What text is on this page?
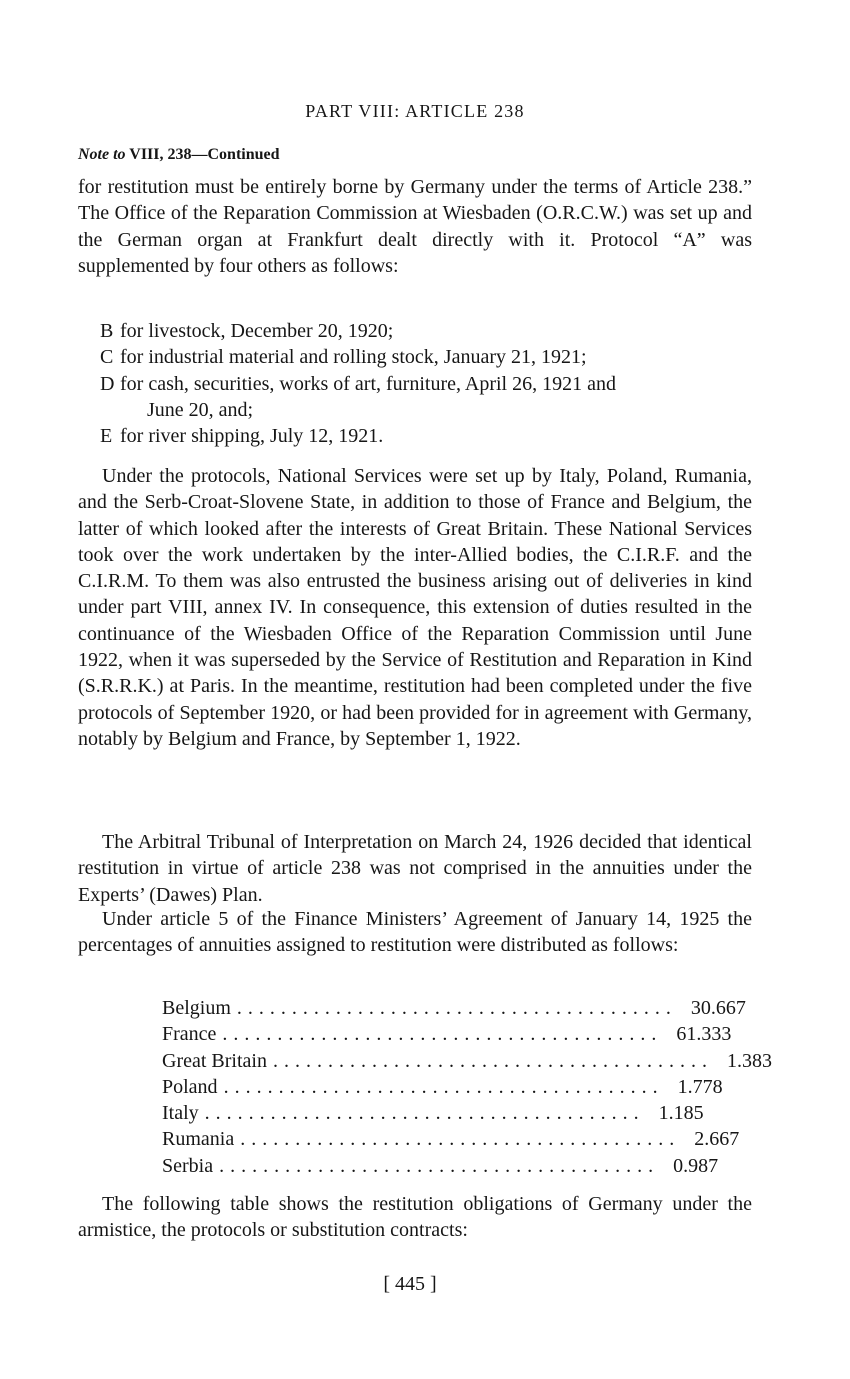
PART VIII: ARTICLE 238
Note to VIII, 238—Continued

for restitution must be entirely borne by Germany under the terms of Article 238.” The Office of the Reparation Commission at Wiesbaden (O.R.C.W.) was set up and the German organ at Frankfurt dealt directly with it. Protocol “A” was supplemented by four others as follows:

B for livestock, December 20, 1920;
C for industrial material and rolling stock, January 21, 1921;
D for cash, securities, works of art, furniture, April 26, 1921 and
June 20, and;
E for river shipping, July 12, 1921.

Under the protocols, National Services were set up by Italy, Poland, Rumania, and the Serb-Croat-Slovene State, in addition to those of France and Belgium, the latter of which looked after the interests of Great Britain. These National Services took over the work undertaken by the inter-Allied bodies, the C.I.R.F. and the C.I.R.M. To them was also entrusted the business arising out of deliveries in kind under part VIII, annex IV. In consequence, this extension of duties resulted in the continuance of the Wiesbaden Office of the Reparation Commission until June 1922, when it was superseded by the Service of Restitution and Reparation in Kind (S.R.R.K.) at Paris. In the meantime, restitution had been completed under the five protocols of September 1920, or had been provided for in agreement with Germany, notably by Belgium and France, by September 1, 1922.

The Arbitral Tribunal of Interpretation on March 24, 1926 decided that identical restitution in virtue of article 238 was not comprised in the annuities under the Experts’ (Dawes) Plan.

Under article 5 of the Finance Ministers’ Agreement of January 14, 1925 the percentages of annuities assigned to restitution were distributed as follows:

Belgium ........................................ 30.667
France ........................................ 61.333
Great Britain ........................................ 1.383
Poland ........................................ 1.778
Italy ........................................ 1.185
Rumania ........................................ 2.667
Serbia ........................................ 0.987

The following table shows the restitution obligations of Germany under the armistice, the protocols or substitution contracts:

[ 445 ]
